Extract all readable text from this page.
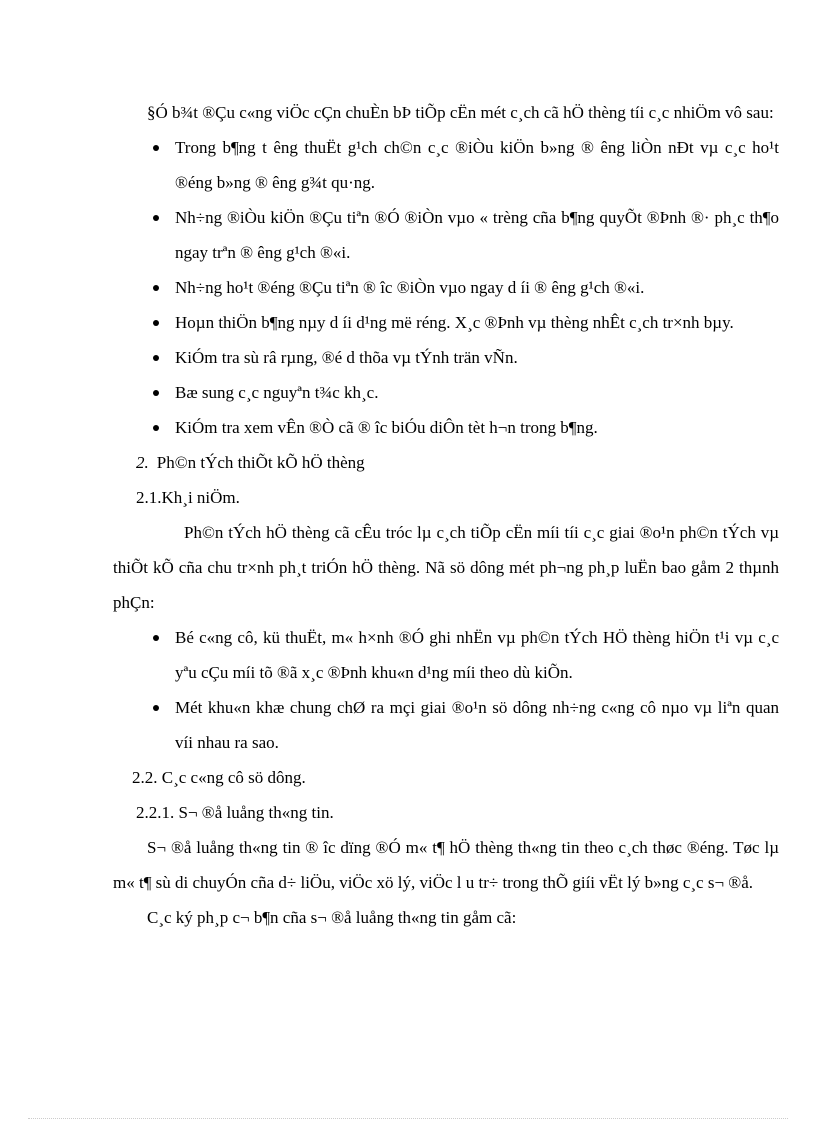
§Ó b¾t ®Çu c«ng viÖc cÇn chuÈn bÞ tiÕp cËn mét c¸ch cã hÖ thèng tíi c¸c nhiÖm vô sau:

Trong b¶ng t êng thuËt g¹ch ch©n c¸c ®iÒu kiÖn b»ng ® êng liÒn nÐt vµ c¸c ho¹t ®éng b»ng ® êng g¾t qu·ng.
Nh÷ng ®iÒu kiÖn ®Çu tiªn ®Ó ®iÒn vµo « trèng cña b¶ng quyÕt ®Þnh ®· ph¸c th¶o ngay trªn ® êng g¹ch ®«i.
Nh÷ng ho¹t ®éng ®Çu tiªn ® îc ®iÒn vµo ngay d íi ® êng g¹ch ®«i.
Hoµn thiÖn b¶ng nµy d íi d¹ng më réng. X¸c ®Þnh vµ thèng nhÊt c¸ch tr×nh bµy.
KiÓm tra sù râ rµng, ®é d thõa vµ tÝnh trän vÑn.
Bæ sung c¸c nguyªn t¾c kh¸c.
KiÓm tra xem vÊn ®Ò cã ® îc biÓu diÔn tèt h¬n trong b¶ng.

2. Ph©n tÝch thiÕt kÕ hÖ thèng

2.1.Kh¸i niÖm.

Ph©n tÝch hÖ thèng cã cÊu tróc lµ c¸ch tiÕp cËn míi tíi c¸c giai ®o¹n ph©n tÝch vµ thiÕt kÕ cña chu tr×nh ph¸t triÓn hÖ thèng. Nã sö dông mét ph¬ng ph¸p luËn bao gåm 2 thµnh phÇn:

Bé c«ng cô, kü thuËt, m« h×nh ®Ó ghi nhËn vµ ph©n tÝch HÖ thèng hiÖn t¹i vµ c¸c yªu cÇu míi tõ ®ã x¸c ®Þnh khu«n d¹ng míi theo dù kiÕn.
Mét khu«n khæ chung chØ ra mçi giai ®o¹n sö dông nh÷ng c«ng cô nµo vµ liªn quan víi nhau ra sao.

2.2. C¸c c«ng cô sö dông.

2.2.1. S¬ ®å luång th«ng tin.

S¬ ®å luång th«ng tin ® îc dïng ®Ó m« t¶ hÖ thèng th«ng tin theo c¸ch thøc ®éng. Tøc lµ m« t¶ sù di chuyÓn cña d÷ liÖu, viÖc xö lý, viÖc l u tr÷ trong thÕ giíi vËt lý b»ng c¸c s¬ ®å.

C¸c ký ph¸p c¬ b¶n cña s¬ ®å luång th«ng tin gåm cã:
